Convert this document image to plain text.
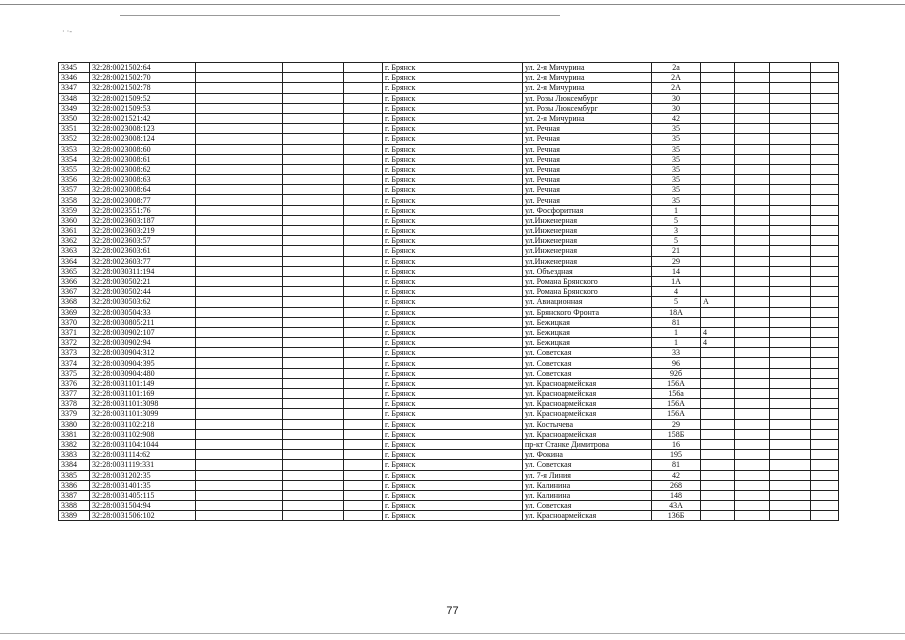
· ·-
3345	32:28:0021502:64				г. Брянск	ул. 2-я Мичурина	2а				
3346	32:28:0021502:70				г. Брянск	ул. 2-я Мичурина	2А				
3347	32:28:0021502:78				г. Брянск	ул. 2-я Мичурина	2А				
3348	32:28:0021509:52				г. Брянск	ул. Розы Люксембург	30				
3349	32:28:0021509:53				г. Брянск	ул. Розы Люксембург	30				
3350	32:28:0021521:42				г. Брянск	ул. 2-я Мичурина	42				
3351	32:28:0023008:123				г. Брянск	ул. Речная	35				
3352	32:28:0023008:124				г. Брянск	ул. Речная	35				
3353	32:28:0023008:60				г. Брянск	ул. Речная	35				
3354	32:28:0023008:61				г. Брянск	ул. Речная	35				
3355	32:28:0023008:62				г. Брянск	ул. Речная	35				
3356	32:28:0023008:63				г. Брянск	ул. Речная	35				
3357	32:28:0023008:64				г. Брянск	ул. Речная	35				
3358	32:28:0023008:77				г. Брянск	ул. Речная	35				
3359	32:28:0023551:76				г. Брянск	ул. Фосфоритная	1				
3360	32:28:0023603:187				г. Брянск	ул.Инженерная	5				
3361	32:28:0023603:219				г. Брянск	ул.Инженерная	3				
3362	32:28:0023603:57				г. Брянск	ул.Инженерная	5				
3363	32:28:0023603:61				г. Брянск	ул.Инженерная	21				
3364	32:28:0023603:77				г. Брянск	ул.Инженерная	29				
3365	32:28:0030311:194				г. Брянск	ул. Объездная	14				
3366	32:28:0030502:21				г. Брянск	ул. Романа Брянского	1А				
3367	32:28:0030502:44				г. Брянск	ул. Романа Брянского	4				
3368	32:28:0030503:62				г. Брянск	ул. Авиационная	5	А			
3369	32:28:0030504:33				г. Брянск	ул. Брянского Фронта	18А				
3370	32:28:0030805:211				г. Брянск	ул. Бежицкая	81				
3371	32:28:0030902:107				г. Брянск	ул. Бежицкая	1	4			
3372	32:28:0030902:94				г. Брянск	ул. Бежицкая	1	4			
3373	32:28:0030904:312				г. Брянск	ул. Советская	33				
3374	32:28:0030904:395				г. Брянск	ул. Советская	96				
3375	32:28:0030904:480				г. Брянск	ул. Советская	92б				
3376	32:28:0031101:149				г. Брянск	ул. Красноармейская	156А				
3377	32:28:0031101:169				г. Брянск	ул. Красноармейская	156а				
3378	32:28:0031101:3098				г. Брянск	ул. Красноармейская	156А				
3379	32:28:0031101:3099				г. Брянск	ул. Красноармейская	156А				
3380	32:28:0031102:218				г. Брянск	ул. Костычева	29				
3381	32:28:0031102:908				г. Брянск	ул. Красноармейская	158Б				
3382	32:28:0031104:1044				г. Брянск	пр-кт Станке Димитрова	16				
3383	32:28:0031114:62				г. Брянск	ул. Фокина	195				
3384	32:28:0031119:331				г. Брянск	ул. Советская	81				
3385	32:28:0031202:35				г. Брянск	ул. 7-я Линия	42				
3386	32:28:0031401:35				г. Брянск	ул. Калинина	268				
3387	32:28:0031405:115				г. Брянск	ул. Калинина	148				
3388	32:28:0031504:94				г. Брянск	ул. Советская	43А				
3389	32:28:0031506:102				г. Брянск	ул. Красноармейская	136Б				
77
